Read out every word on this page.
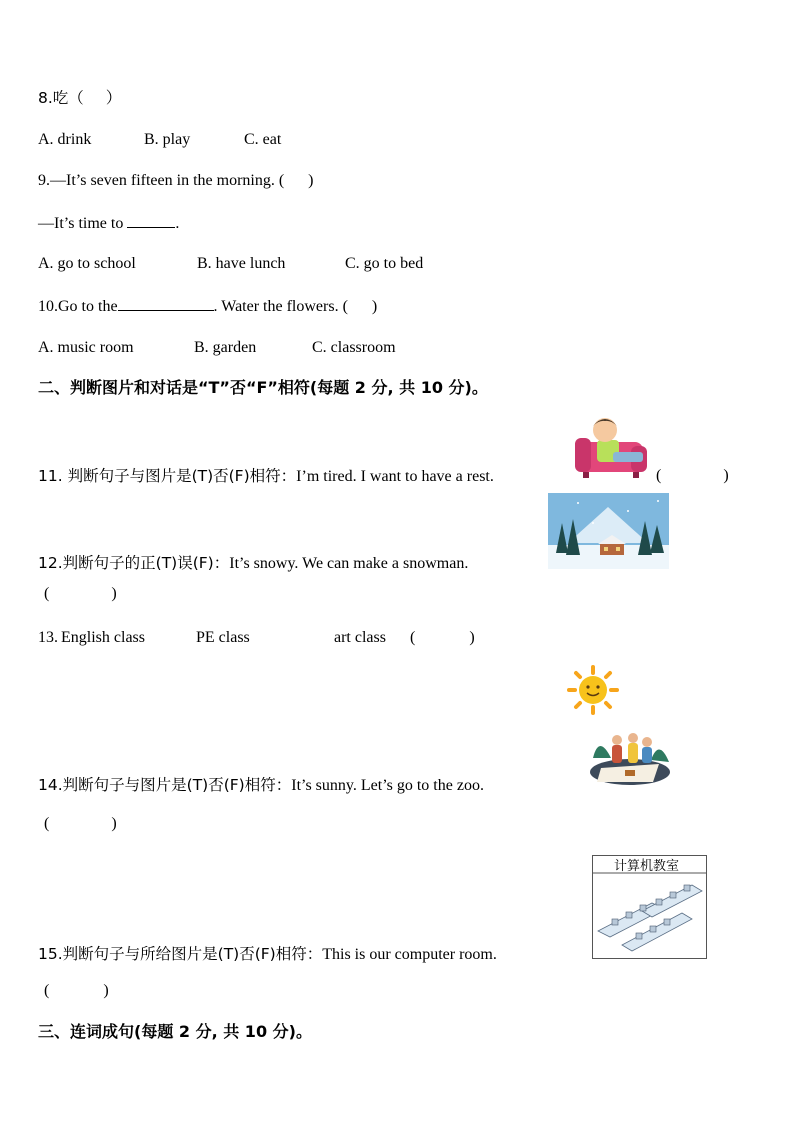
8.吃（ ）
A. drink	B. play	C. eat
9.—It’s seven fifteen in the morning. ( )
—It’s time to	.
A. go to school	B. have lunch	C. go to bed
10.Go to the	. Water the flowers. ( )
A. music room	B. garden	C. classroom
二、判断图片和对话是“T”否“F”相符(每题 2 分, 共 10 分)。
11. 判断句子与图片是(T)否(F)相符：I’m tired. I want to have a rest.	(	)
12.判断句子的正(T)误(F)：It’s snowy. We can make a snowman.
(	)
13. English class	PE class	art class (	)
14.判断句子与图片是(T)否(F)相符：It’s sunny. Let’s go to the zoo.
(	)
计算机教室
15.判断句子与所给图片是(T)否(F)相符：This is our computer room.
(	)
三、连词成句(每题 2 分, 共 10 分)。
